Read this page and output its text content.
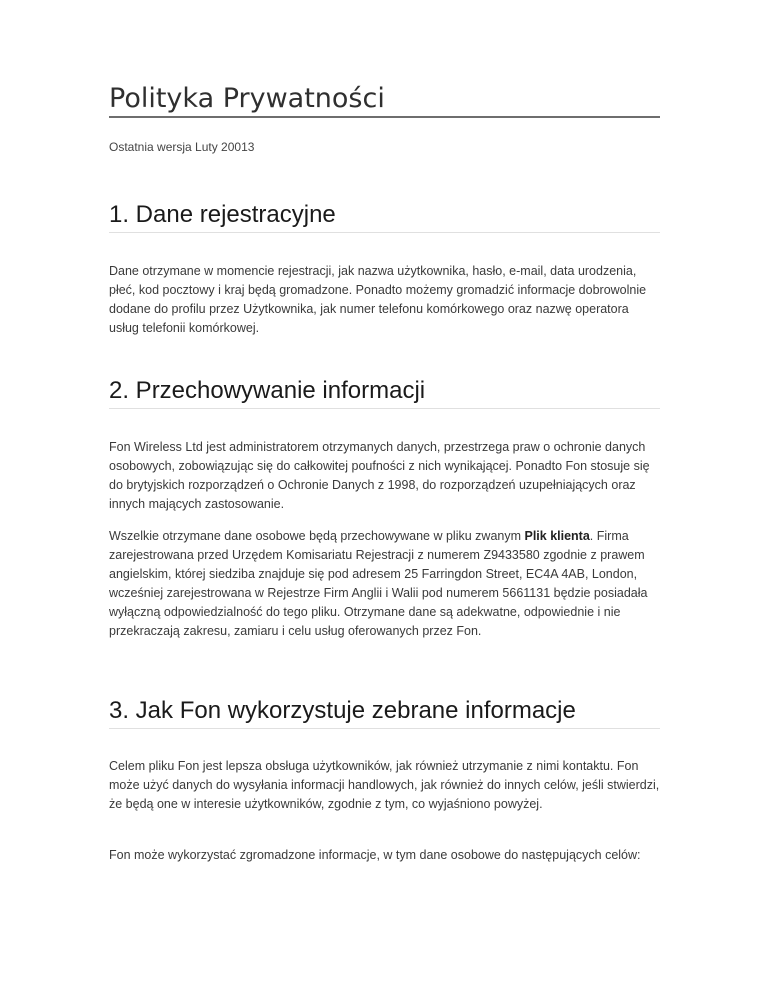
Polityka Prywatności

Ostatnia wersja Luty 20013

1. Dane rejestracyjne

Dane otrzymane w momencie rejestracji, jak nazwa użytkownika, hasło, e-mail, data urodzenia, płeć, kod pocztowy i kraj będą gromadzone. Ponadto możemy gromadzić informacje dobrowolnie dodane do profilu przez Użytkownika, jak numer telefonu komórkowego oraz nazwę operatora usług telefonii komórkowej.

2. Przechowywanie informacji

Fon Wireless Ltd jest administratorem otrzymanych danych, przestrzega praw o ochronie danych osobowych, zobowiązując się do całkowitej poufności z nich wynikającej. Ponadto Fon stosuje się do brytyjskich rozporządzeń o Ochronie Danych z 1998, do rozporządzeń uzupełniających oraz innych mających zastosowanie.

Wszelkie otrzymane dane osobowe będą przechowywane w pliku zwanym Plik klienta. Firma zarejestrowana przed Urzędem Komisariatu Rejestracji z numerem Z9433580 zgodnie z prawem angielskim, której siedziba znajduje się pod adresem 25 Farringdon Street, EC4A 4AB, London, wcześniej zarejestrowana w Rejestrze Firm Anglii i Walii pod numerem 5661131 będzie posiadała wyłączną odpowiedzialność do tego pliku. Otrzymane dane są adekwatne, odpowiednie i nie przekraczają zakresu, zamiaru i celu usług oferowanych przez Fon.

3. Jak Fon wykorzystuje zebrane informacje

Celem pliku Fon jest lepsza obsługa użytkowników, jak również utrzymanie z nimi kontaktu. Fon może użyć danych do wysyłania informacji handlowych, jak również do innych celów, jeśli stwierdzi, że będą one w interesie użytkowników, zgodnie z tym, co wyjaśniono powyżej.

Fon może wykorzystać zgromadzone informacje, w tym dane osobowe do następujących celów:
